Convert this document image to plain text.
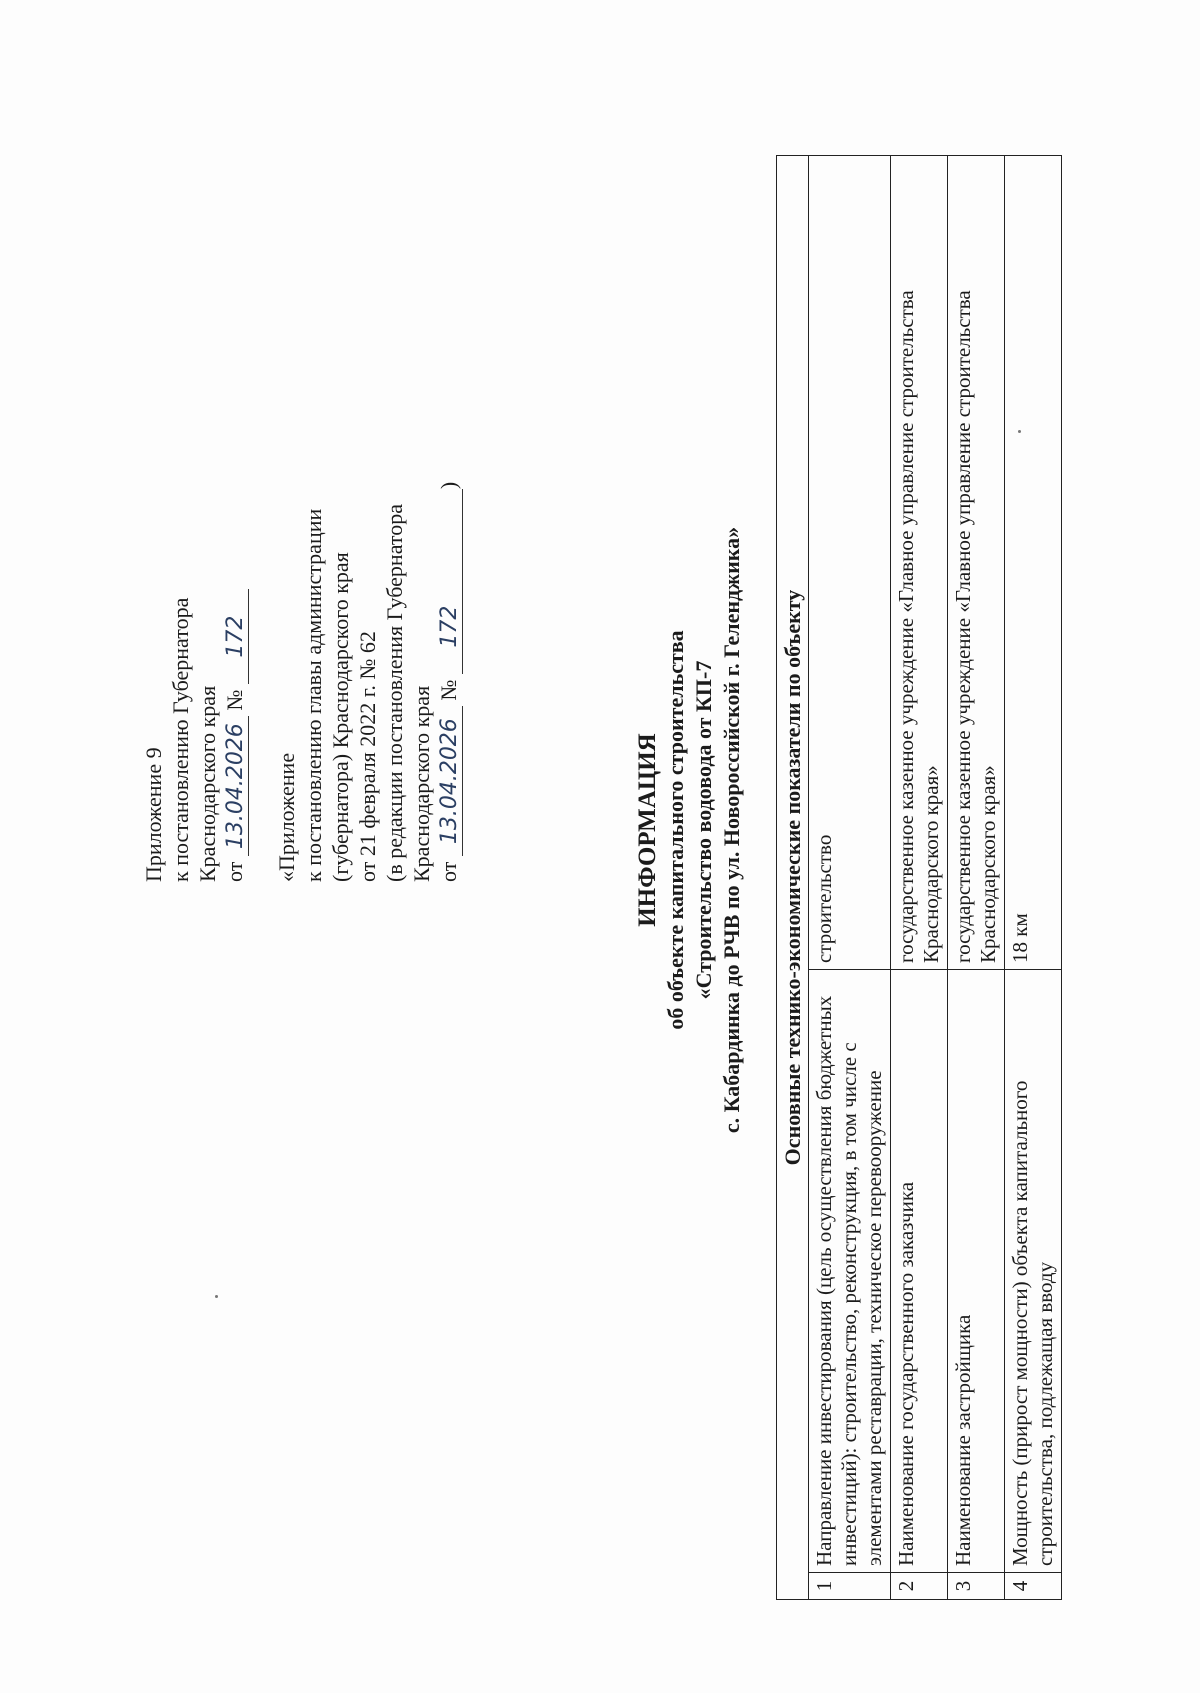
Приложение 9 к постановлению Губернатора Краснодарского края от 13.04.2026 № 172

«Приложение к постановлению главы администрации (губернатора) Краснодарского края от 21 февраля 2022 г. № 62 (в редакции постановления Губернатора Краснодарского края от 13.04.2026 № 172)

ИНФОРМАЦИЯ об объекте капитального строительства «Строительство водовода от КП-7 с. Кабардинка до РЧВ по ул. Новороссийской г. Геленджика» Основные технико-экономические показатели по объекту		
1	Направление инвестирования (цель осуществления бюджетных инвестиций): строительство, реконструкция, в том числе с элементами реставрации, техническое перевооружение	строительство
2	Наименование государственного заказчика	государственное казенное учреждение «Главное управление строительства Краснодарского края»
3	Наименование застройщика	государственное казенное учреждение «Главное управление строительства Краснодарского края»
4	Мощность (прирост мощности) объекта капитального строительства, подлежащая вводу	18 км
